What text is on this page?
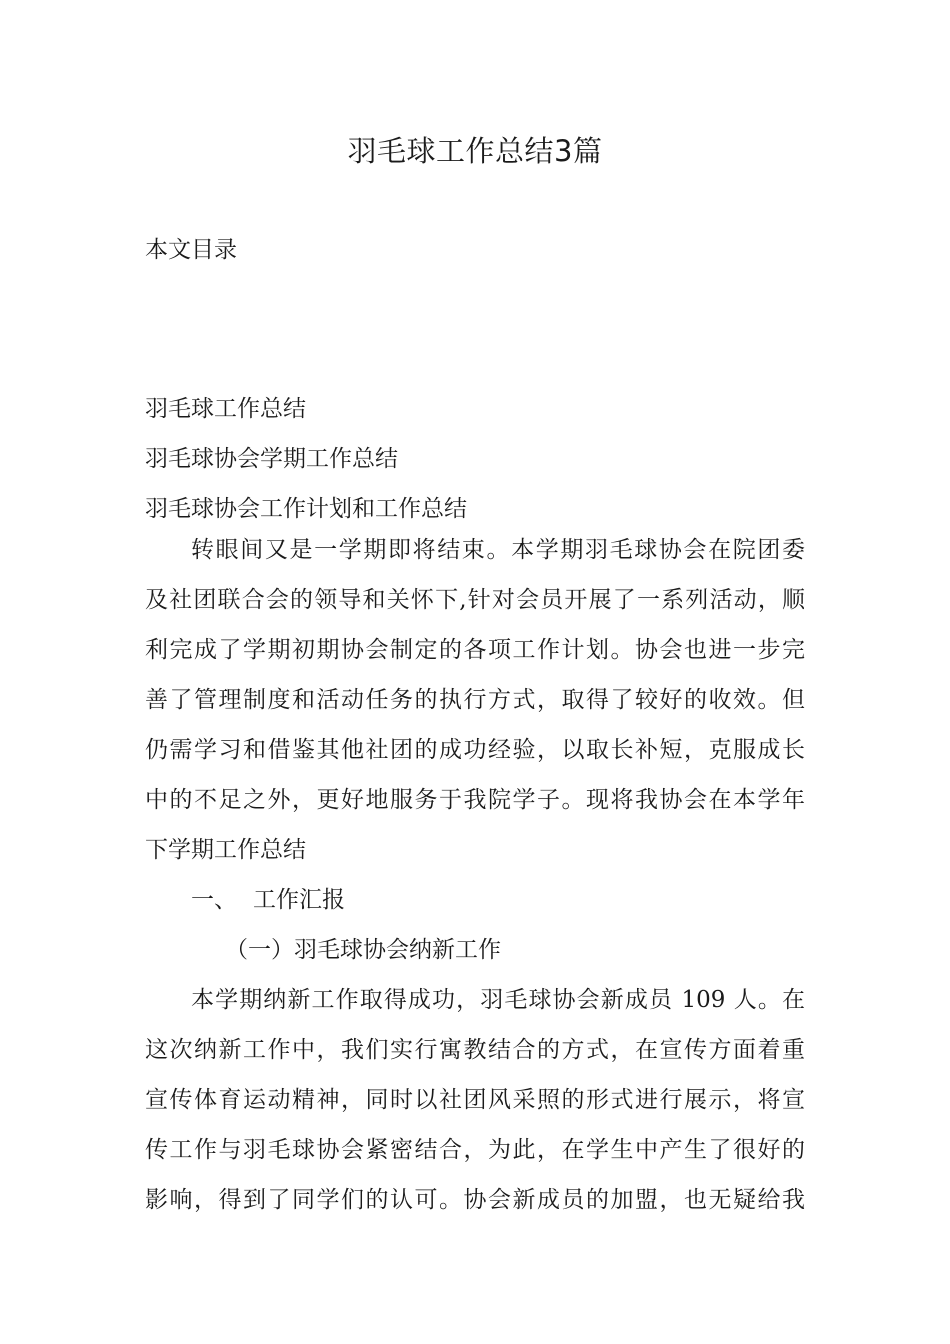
羽毛球工作总结3篇
本文目录
羽毛球工作总结
羽毛球协会学期工作总结
羽毛球协会工作计划和工作总结
转眼间又是一学期即将结束。本学期羽毛球协会在院团委
及社团联合会的领导和关怀下,针对会员开展了一系列活动，顺
利完成了学期初期协会制定的各项工作计划。协会也进一步完
善了管理制度和活动任务的执行方式，取得了较好的收效。但
仍需学习和借鉴其他社团的成功经验，以取长补短，克服成长
中的不足之外，更好地服务于我院学子。现将我协会在本学年
下学期工作总结
一、 工作汇报
（一）羽毛球协会纳新工作
本学期纳新工作取得成功，羽毛球协会新成员 109 人。在
这次纳新工作中，我们实行寓教结合的方式，在宣传方面着重
宣传体育运动精神，同时以社团风采照的形式进行展示，将宣
传工作与羽毛球协会紧密结合，为此，在学生中产生了很好的
影响，得到了同学们的认可。协会新成员的加盟，也无疑给我
